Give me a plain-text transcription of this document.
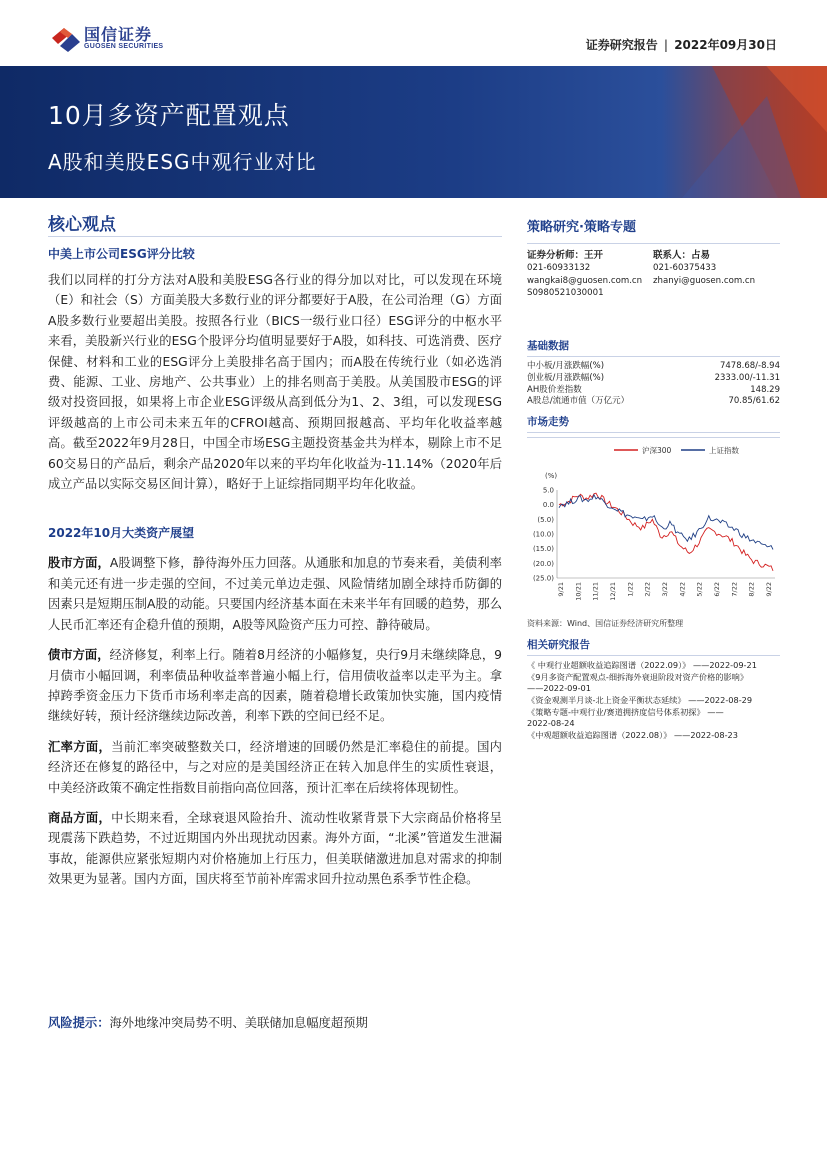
国信证券
GUOSEN SECURITIES	证券研究报告 | 2022年09月30日
10月多资产配置观点
A股和美股ESG中观行业对比
核心观点
中美上市公司ESG评分比较

我们以同样的打分方法对A股和美股ESG各行业的得分加以对比，可以发现在环境（E）和社会（S）方面美股大多数行业的评分都要好于A股，在公司治理（G）方面A股多数行业要超出美股。按照各行业（BICS一级行业口径）ESG评分的中枢水平来看，美股新兴行业的ESG个股评分均值明显要好于A股，如科技、可选消费、医疗保健、材料和工业的ESG评分上美股排名高于国内；而A股在传统行业（如必选消费、能源、工业、房地产、公共事业）上的排名则高于美股。从美国股市ESG的评级对投资回报，如果将上市企业ESG评级从高到低分为1、2、3组，可以发现ESG评级越高的上市公司未来五年的CFROI越高、预期回报越高、平均年化收益率越高。截至2022年9月28日，中国全市场ESG主题投资基金共为样本，剔除上市不足60交易日的产品后，剩余产品2020年以来的平均年化收益为-11.14%（2020年后成立产品以实际交易区间计算），略好于上证综指同期平均年化收益。

2022年10月大类资产展望

股市方面，A股调整下修，静待海外压力回落。从通胀和加息的节奏来看，美债利率和美元还有进一步走强的空间，不过美元单边走强、风险情绪加剧全球持币防御的因素只是短期压制A股的动能。只要国内经济基本面在未来半年有回暖的趋势，那么人民币汇率还有企稳升值的预期，A股等风险资产压力可控、静待破局。

债市方面，经济修复，利率上行。随着8月经济的小幅修复，央行9月未继续降息，9月债市小幅回调，利率债品种收益率普遍小幅上行，信用债收益率以走平为主。拿掉跨季资金压力下货币市场利率走高的因素，随着稳增长政策加快实施，国内疫情继续好转，预计经济继续边际改善，利率下跌的空间已经不足。

汇率方面，当前汇率突破整数关口，经济增速的回暖仍然是汇率稳住的前提。国内经济还在修复的路径中，与之对应的是美国经济正在转入加息伴生的实质性衰退，中美经济政策不确定性指数目前指向高位回落，预计汇率在后续将体现韧性。

商品方面，中长期来看，全球衰退风险抬升、流动性收紧背景下大宗商品价格将呈现震荡下跌趋势，不过近期国内外出现扰动因素。海外方面，“北溪”管道发生泄漏事故，能源供应紧张短期内对价格施加上行压力，但美联储激进加息对需求的抑制效果更为显著。国内方面，国庆将至节前补库需求回升拉动黑色系季节性企稳。

风险提示：海外地缘冲突局势不明、美联储加息幅度超预期
策略研究·策略专题
证券分析师：王开
021-60933132
wangkai8@guosen.com.cn
S0980521030001
联系人：占易
021-60375433
zhanyi@guosen.com.cn
基础数据
中小板/月涨跌幅(%)	7478.68/-8.94
创业板/月涨跌幅(%)	2333.00/-11.31
AH股价差指数	148.29
A股总/流通市值（万亿元）	70.85/61.62
市场走势
(%)
沪深300	上证指数
5.0
0.0
(5.0)
(10.0)
(15.0)
(20.0)
(25.0)
9/21 10/21 11/21 12/21 1/22 2/22 3/22 4/22 5/22 6/22 7/22 8/22 9/22
资料来源：Wind、国信证券经济研究所整理
相关研究报告
《 中观行业超额收益追踪图谱（2022.09）》 ——2022-09-21
《9月多资产配置观点-细拆海外衰退阶段对资产价格的影响》
——2022-09-01
《资金观测半月谈-北上资金平衡状态延续》 ——2022-08-29
《策略专题-中观行业/赛道拥挤度信号体系初探》 ——
2022-08-24
《中观超额收益追踪图谱（2022.08）》 ——2022-08-23
